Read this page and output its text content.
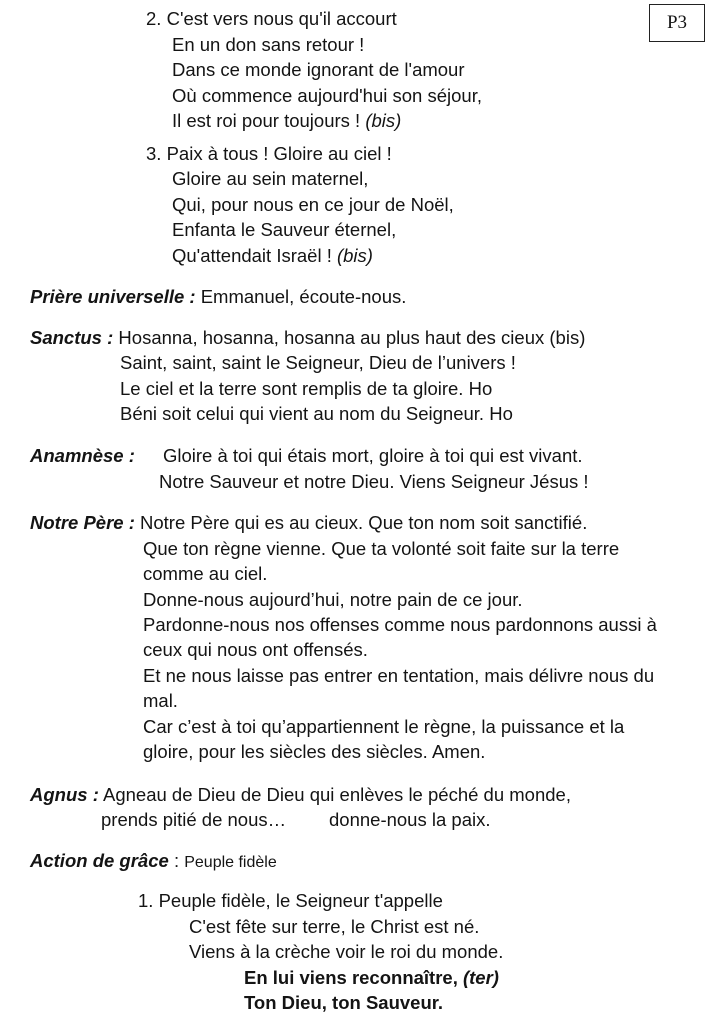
P3
2. C'est vers nous qu'il accourt
En un don sans retour !
Dans ce monde ignorant de l'amour
Où commence aujourd'hui son séjour,
Il est roi pour toujours ! (bis)
3. Paix à tous ! Gloire au ciel !
Gloire au sein maternel,
Qui, pour nous en ce jour de Noël,
Enfanta le Sauveur éternel,
Qu'attendait Israël ! (bis)
Prière universelle : Emmanuel, écoute-nous.
Sanctus : Hosanna, hosanna, hosanna au plus haut des cieux (bis)
Saint, saint, saint le Seigneur, Dieu de l’univers !
Le ciel et la terre sont remplis de ta gloire. Ho
Béni soit celui qui vient au nom du Seigneur. Ho
Anamnèse : Gloire à toi qui étais mort, gloire à toi qui est vivant.
Notre Sauveur et notre Dieu. Viens Seigneur Jésus !
Notre Père : Notre Père qui es au cieux. Que ton nom soit sanctifié.
Que ton règne vienne. Que ta volonté soit faite sur la terre
comme au ciel.
Donne-nous aujourd’hui, notre pain de ce jour.
Pardonne-nous nos offenses comme nous pardonnons aussi à
ceux qui nous ont offensés.
Et ne nous laisse pas entrer en tentation, mais délivre nous du
mal.
Car c’est à toi qu’appartiennent le règne, la puissance et la
gloire, pour les siècles des siècles. Amen.
Agnus : Agneau de Dieu de Dieu qui enlèves le péché du monde,
prends pitié de nous… donne-nous la paix.
Action de grâce : Peuple fidèle
1. Peuple fidèle, le Seigneur t'appelle
C'est fête sur terre, le Christ est né.
Viens à la crèche voir le roi du monde.
En lui viens reconnaître, (ter)
Ton Dieu, ton Sauveur.
